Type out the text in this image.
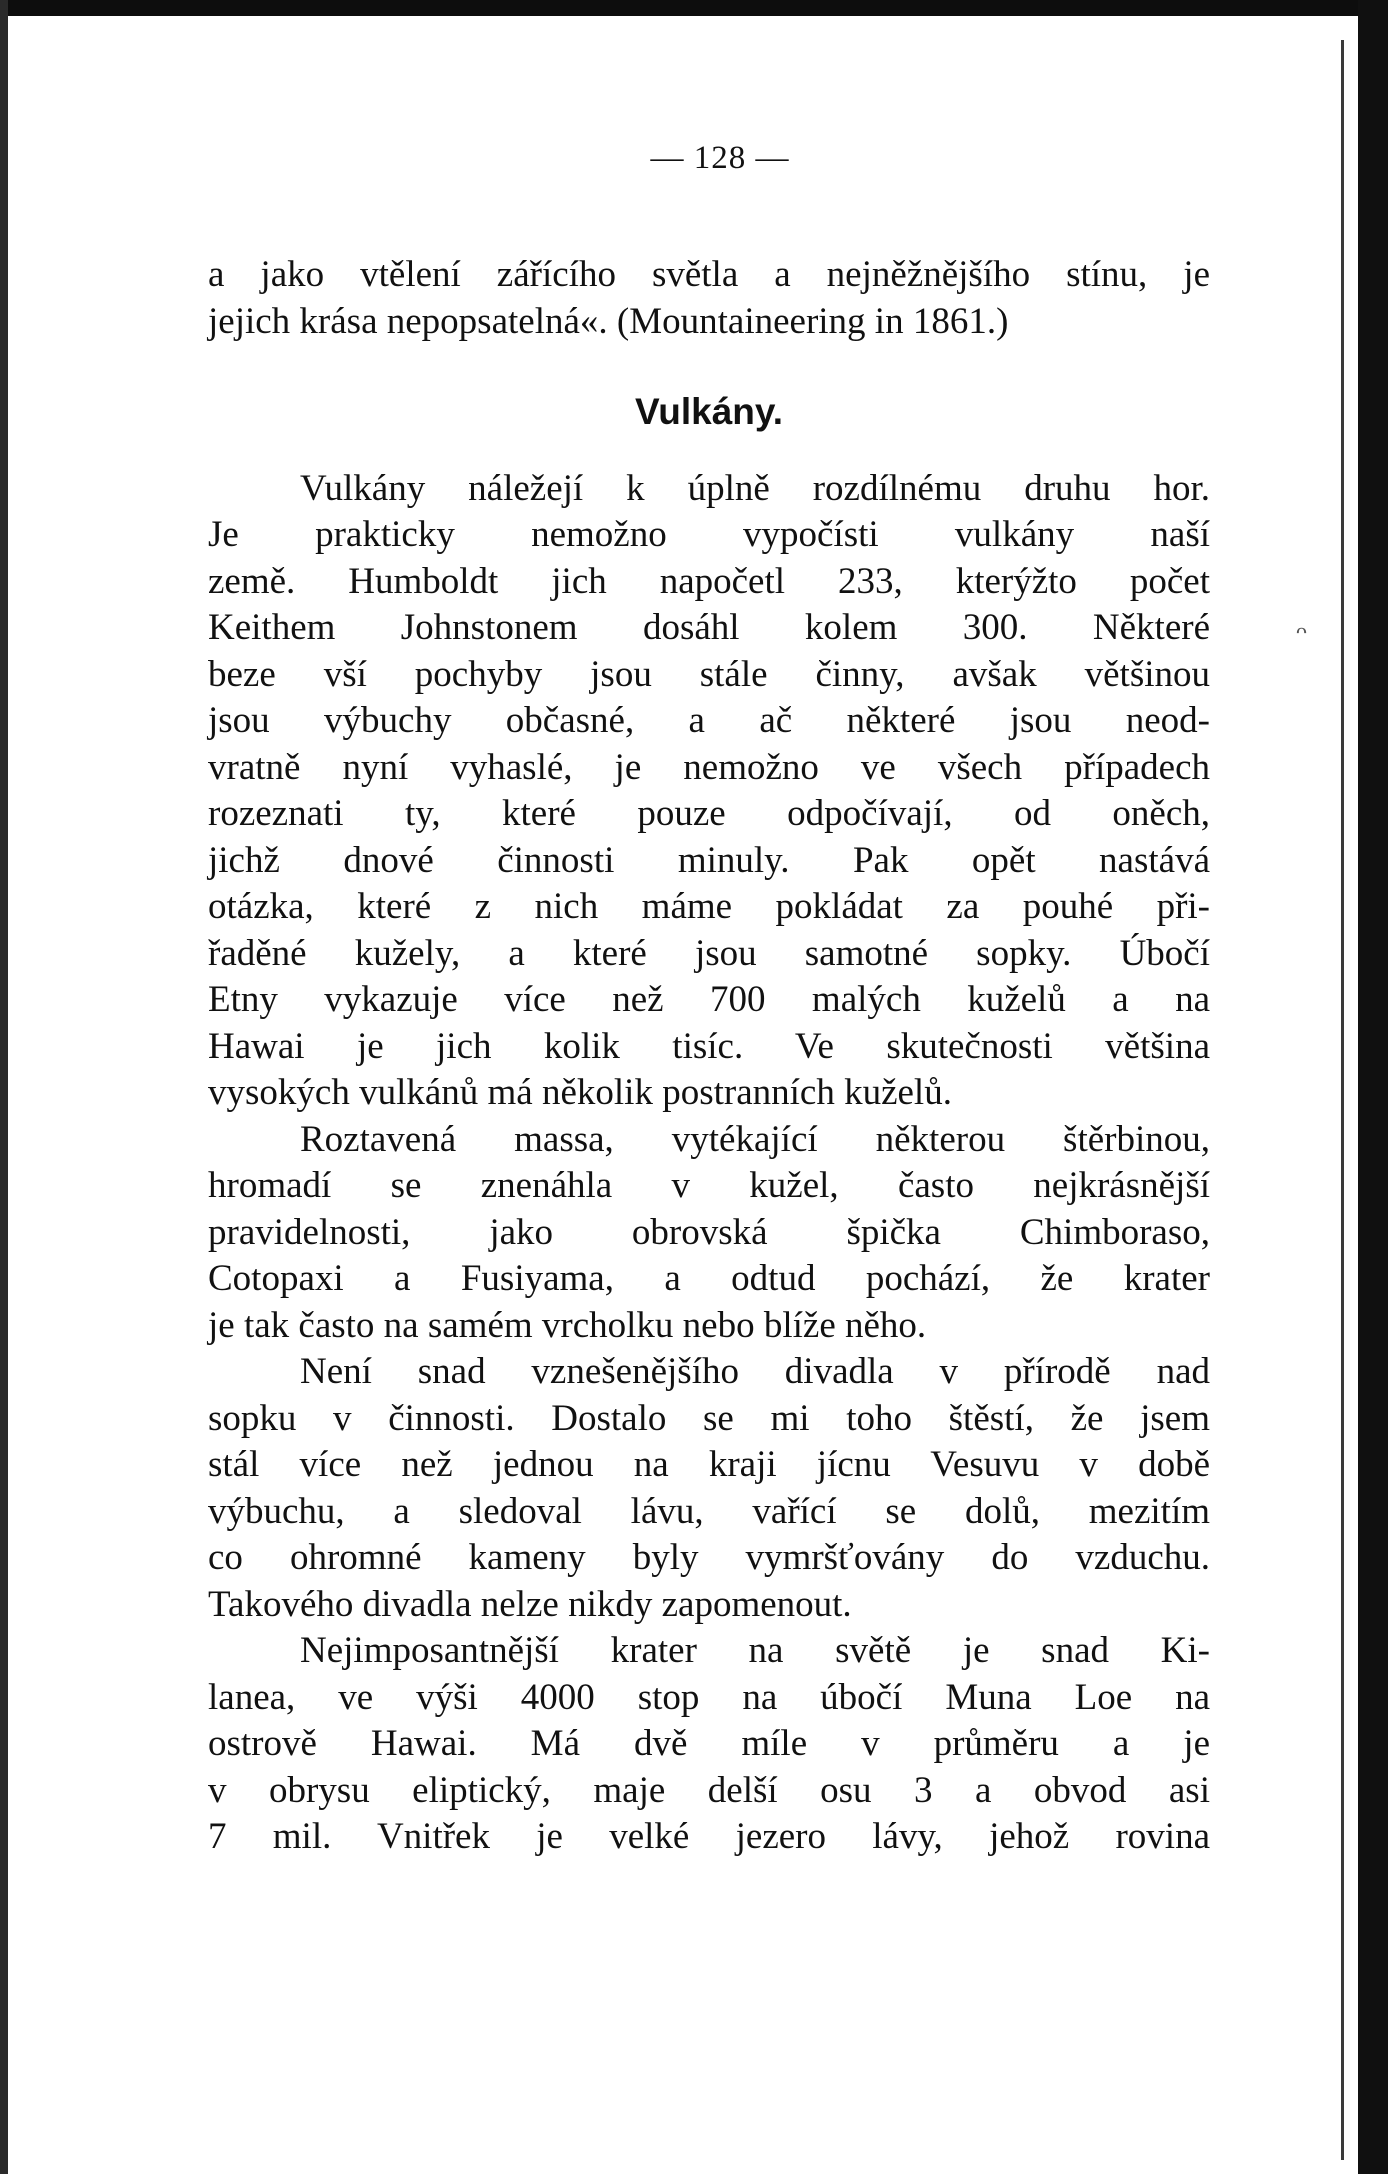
— 128 —
ᴖ
a jako vtělení zářícího světla a nejněžnějšího stínu, je
jejich krása nepopsatelná«. (Mountaineering in 1861.)
Vulkány.
Vulkány náležejí k úplně rozdílnému druhu hor.
Je prakticky nemožno vypočísti vulkány naší
země. Humboldt jich napočetl 233, kterýžto počet
Keithem Johnstonem dosáhl kolem 300. Některé
beze vší pochyby jsou stále činny, avšak většinou
jsou výbuchy občasné, a ač některé jsou neod-
vratně nyní vyhaslé, je nemožno ve všech případech
rozeznati ty, které pouze odpočívají, od oněch,
jichž dnové činnosti minuly. Pak opět nastává
otázka, které z nich máme pokládat za pouhé při-
řaděné kužely, a které jsou samotné sopky. Úbočí
Etny vykazuje více než 700 malých kuželů a na
Hawai je jich kolik tisíc. Ve skutečnosti většina
vysokých vulkánů má několik postranních kuželů.
Roztavená massa, vytékající některou štěrbinou,
hromadí se znenáhla v kužel, často nejkrásnější
pravidelnosti, jako obrovská špička Chimboraso,
Cotopaxi a Fusiyama, a odtud pochází, že krater
je tak často na samém vrcholku nebo blíže něho.
Není snad vznešenějšího divadla v přírodě nad
sopku v činnosti. Dostalo se mi toho štěstí, že jsem
stál více než jednou na kraji jícnu Vesuvu v době
výbuchu, a sledoval lávu, vařící se dolů, mezitím
co ohromné kameny byly vymršťovány do vzduchu.
Takového divadla nelze nikdy zapomenout.
Nejimposantnější krater na světě je snad Ki-
lanea, ve výši 4000 stop na úbočí Muna Loe na
ostrově Hawai. Má dvě míle v průměru a je
v obrysu eliptický, maje delší osu 3 a obvod asi
7 mil. Vnitřek je velké jezero lávy, jehož rovina
